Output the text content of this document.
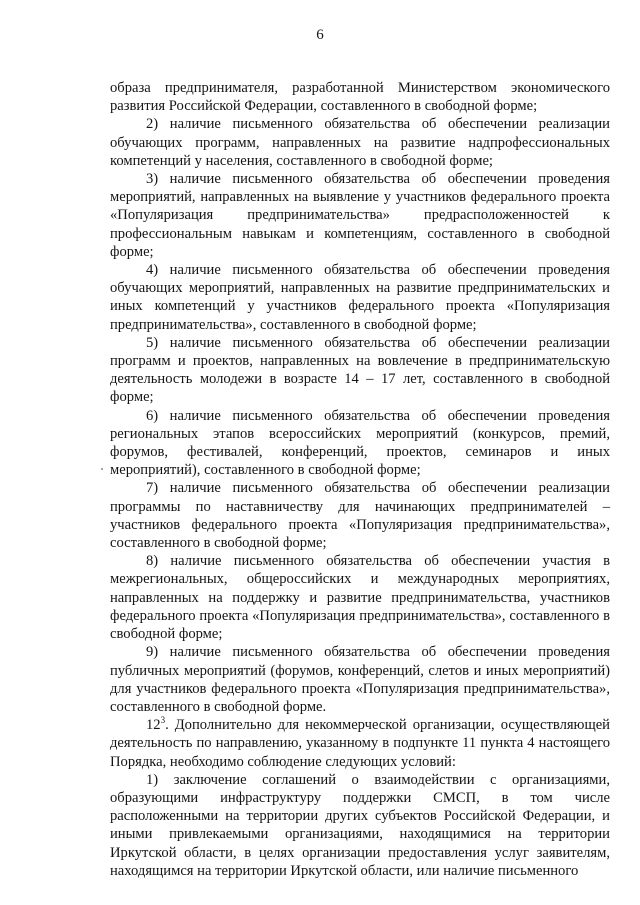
6

образа предпринимателя, разработанной Министерством экономического развития Российской Федерации, составленного в свободной форме;

2) наличие письменного обязательства об обеспечении реализации обучающих программ, направленных на развитие надпрофессиональных компетенций у населения, составленного в свободной форме;

3) наличие письменного обязательства об обеспечении проведения мероприятий, направленных на выявление у участников федерального проекта «Популяризация предпринимательства» предрасположенностей к профессиональным навыкам и компетенциям, составленного в свободной форме;

4) наличие письменного обязательства об обеспечении проведения обучающих мероприятий, направленных на развитие предпринимательских и иных компетенций у участников федерального проекта «Популяризация предпринимательства», составленного в свободной форме;

5) наличие письменного обязательства об обеспечении реализации программ и проектов, направленных на вовлечение в предпринимательскую деятельность молодежи в возрасте 14 – 17 лет, составленного в свободной форме;

6) наличие письменного обязательства об обеспечении проведения региональных этапов всероссийских мероприятий (конкурсов, премий, форумов, фестивалей, конференций, проектов, семинаров и иных мероприятий), составленного в свободной форме;

7) наличие письменного обязательства об обеспечении реализации программы по наставничеству для начинающих предпринимателей – участников федерального проекта «Популяризация предпринимательства», составленного в свободной форме;

8) наличие письменного обязательства об обеспечении участия в межрегиональных, общероссийских и международных мероприятиях, направленных на поддержку и развитие предпринимательства, участников федерального проекта «Популяризация предпринимательства», составленного в свободной форме;

9) наличие письменного обязательства об обеспечении проведения публичных мероприятий (форумов, конференций, слетов и иных мероприятий) для участников федерального проекта «Популяризация предпринимательства», составленного в свободной форме.

$12^3$. Дополнительно для некоммерческой организации, осуществляющей деятельность по направлению, указанному в подпункте 11 пункта 4 настоящего Порядка, необходимо соблюдение следующих условий:

1) заключение соглашений о взаимодействии с организациями, образующими инфраструктуру поддержки СМСП, в том числе расположенными на территории других субъектов Российской Федерации, и иными привлекаемыми организациями, находящимися на территории Иркутской области, в целях организации предоставления услуг заявителям, находящимся на территории Иркутской области, или наличие письменного
